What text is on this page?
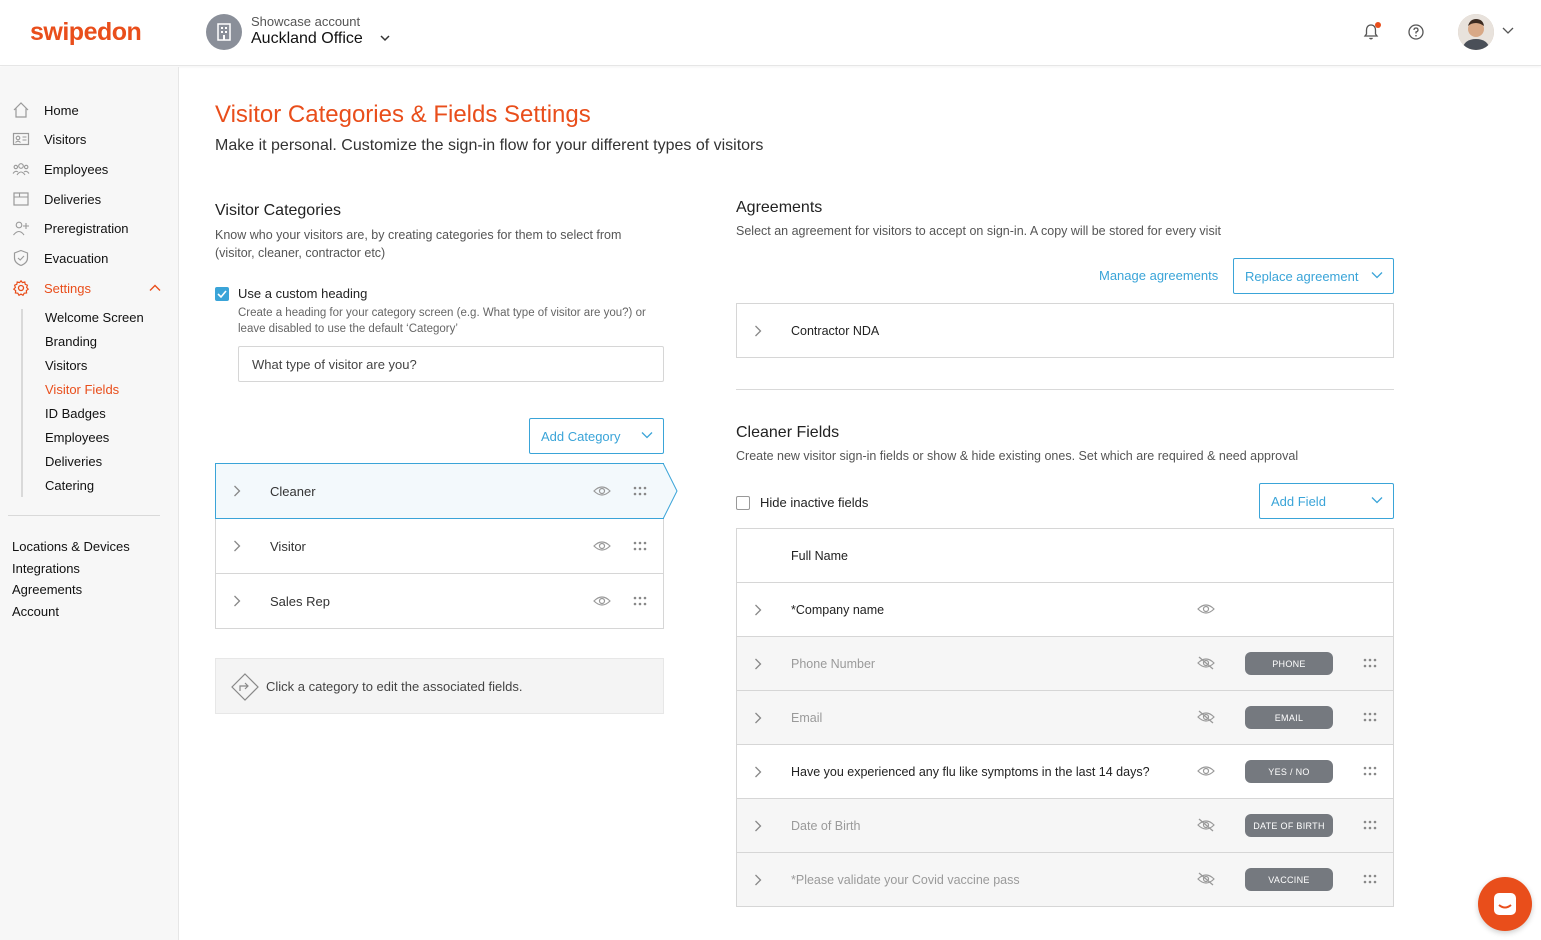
swipedon	Showcase account
Auckland Office
Home
Visitors
Employees
Deliveries
Preregistration
Evacuation
Settings
Welcome Screen
Branding
Visitors
Visitor Fields
ID Badges
Employees
Deliveries
Catering
Locations & Devices
Integrations
Agreements
Account
Visitor Categories & Fields Settings
Make it personal. Customize the sign-in flow for your different types of visitors
Visitor Categories
Know who your visitors are, by creating categories for them to select from
(visitor, cleaner, contractor etc)
Use a custom heading
Create a heading for your category screen (e.g. What type of visitor are you?) or
leave disabled to use the default ‘Category’
What type of visitor are you?
Add Category
Cleaner
Visitor
Sales Rep
Click a category to edit the associated fields.
Agreements
Select an agreement for visitors to accept on sign-in. A copy will be stored for every visit
Manage agreements Replace agreement
Contractor NDA
Cleaner Fields
Create new visitor sign-in fields or show & hide existing ones. Set which are required & need approval
Hide inactive fields	Add Field
Full Name
*Company name
Phone Number	PHONE
Email	EMAIL
Have you experienced any flu like symptoms in the last 14 days?	YES / NO
Date of Birth	DATE OF BIRTH
*Please validate your Covid vaccine pass	VACCINE
